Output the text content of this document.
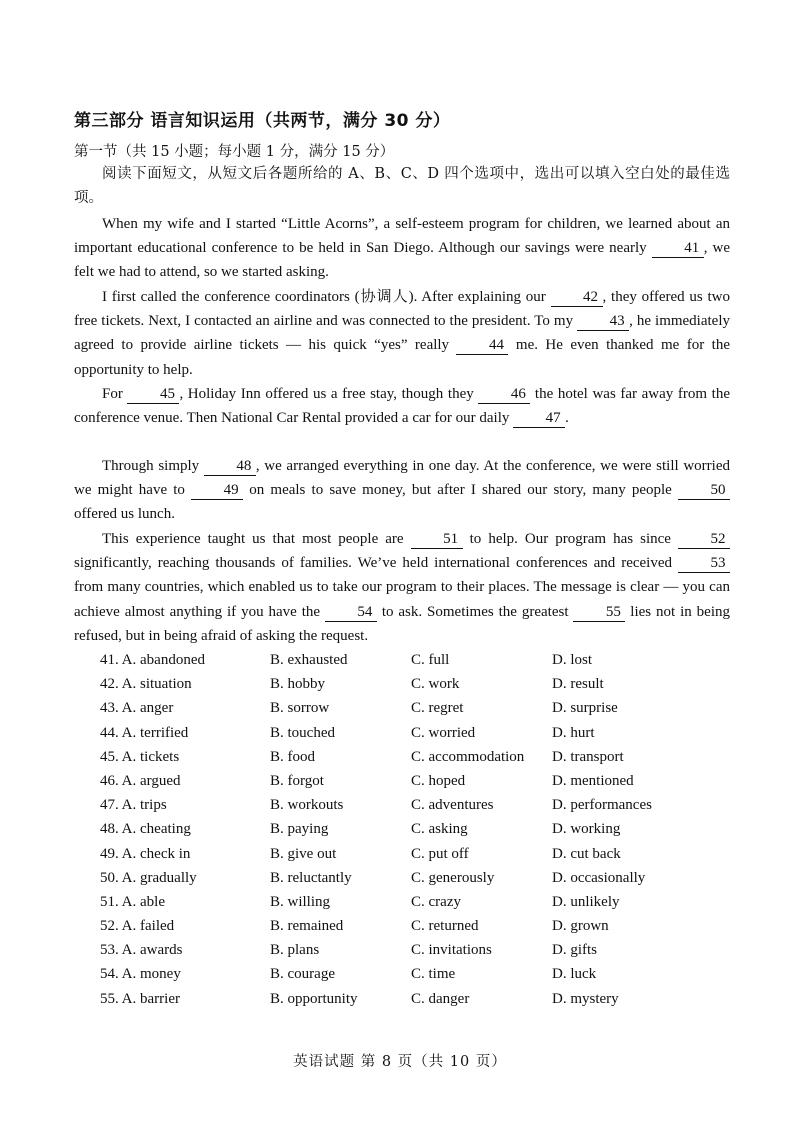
第三部分 语言知识运用（共两节，满分 30 分）
第一节（共 15 小题；每小题 1 分，满分 15 分）

阅读下面短文，从短文后各题所给的 A、B、C、D 四个选项中，选出可以填入空白处的最佳选项。

When my wife and I started “Little Acorns”, a self-esteem program for children, we learned about an important educational conference to be held in San Diego. Although our savings were nearly 41 , we felt we had to attend, so we started asking.

I first called the conference coordinators (协调人). After explaining our 42 , they offered us two free tickets. Next, I contacted an airline and was connected to the president. To my 43 , he immediately agreed to provide airline tickets — his quick “yes” really 44 me. He even thanked me for the opportunity to help.

For 45 , Holiday Inn offered us a free stay, though they 46 the hotel was far away from the conference venue. Then National Car Rental provided a car for our daily 47 .

Through simply 48 , we arranged everything in one day. At the conference, we were still worried we might have to 49 on meals to save money, but after I shared our story, many people 50 offered us lunch.

This experience taught us that most people are 51 to help. Our program has since 52 significantly, reaching thousands of families. We’ve held international conferences and received 53 from many countries, which enabled us to take our program to their places. The message is clear — you can achieve almost anything if you have the 54 to ask. Sometimes the greatest 55 lies not in being refused, but in being afraid of asking the request.

41. A. abandoned	B. exhausted	C. full	D. lost
42. A. situation	B. hobby	C. work	D. result
43. A. anger	B. sorrow	C. regret	D. surprise
44. A. terrified	B. touched	C. worried	D. hurt
45. A. tickets	B. food	C. accommodation D. transport
46. A. argued	B. forgot	C. hoped	D. mentioned
47. A. trips	B. workouts	C. adventures	D. performances
48. A. cheating	B. paying	C. asking	D. working
49. A. check in	B. give out	C. put off	D. cut back
50. A. gradually	B. reluctantly	C. generously	D. occasionally
51. A. able	B. willing	C. crazy	D. unlikely
52. A. failed	B. remained	C. returned	D. grown
53. A. awards	B. plans	C. invitations	D. gifts
54. A. money	B. courage	C. time	D. luck
55. A. barrier	B. opportunity	C. danger	D. mystery
英语试题 第 8 页（共 10 页）
